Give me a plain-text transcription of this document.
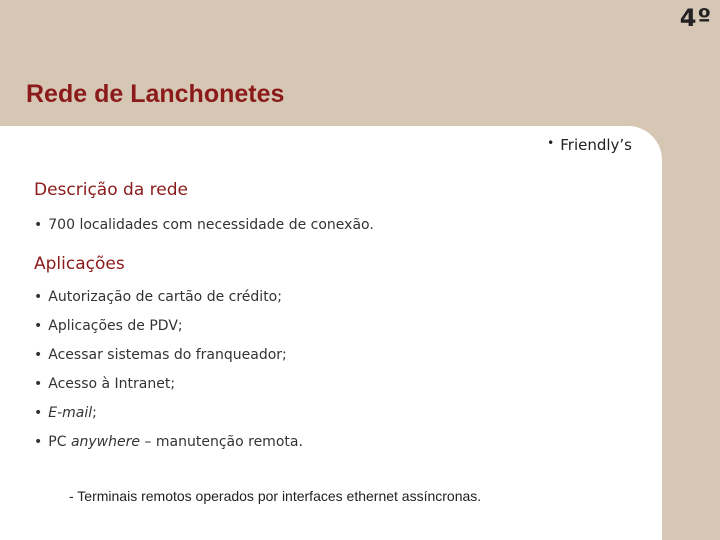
4º
Rede de Lanchonetes
• Friendly’s
Descrição da rede
• 700 localidades com necessidade de conexão.
Aplicações
• Autorização de cartão de crédito;
• Aplicações de PDV;
• Acessar sistemas do franqueador;
• Acesso à Intranet;
• E-mail;
• PC anywhere – manutenção remota.
- Terminais remotos operados por interfaces ethernet assíncronas.
